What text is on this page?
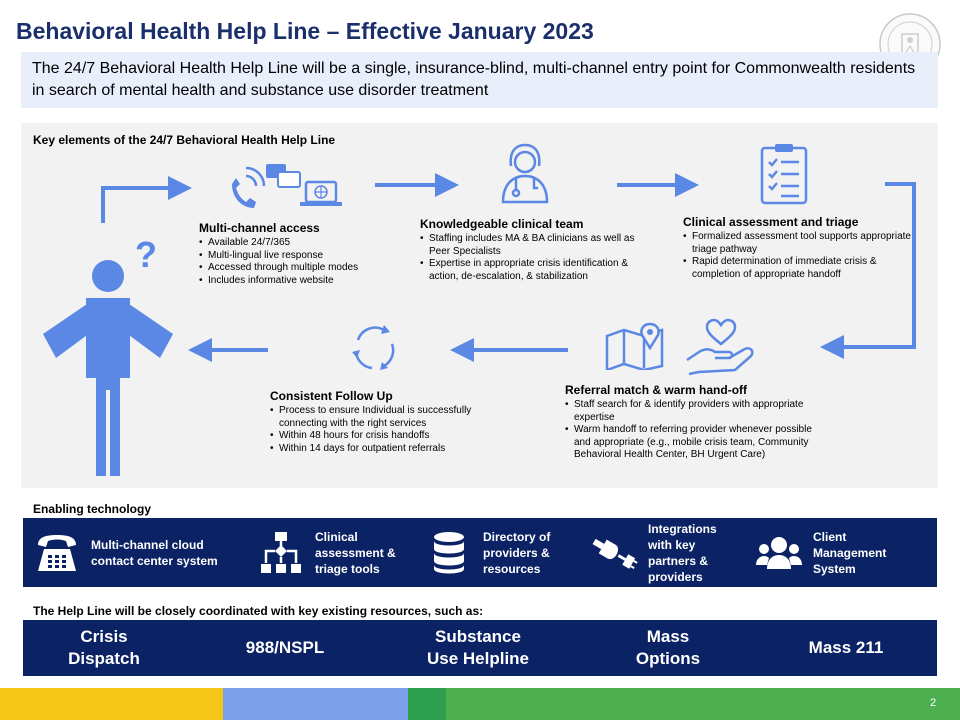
Behavioral Health Help Line – Effective January 2023
The 24/7 Behavioral Health Help Line will be a single, insurance-blind, multi-channel entry point for Commonwealth residents in search of mental health and substance use disorder treatment
Key elements of the 24/7 Behavioral Health Help Line
?
Multi-channel access
• Available 24/7/365
• Multi-lingual live response
• Accessed through multiple modes
• Includes informative website
Knowledgeable clinical team
• Staffing includes MA & BA clinicians as well as Peer Specialists
• Expertise in appropriate crisis identification & action, de-escalation, & stabilization
Clinical assessment and triage
• Formalized assessment tool supports appropriate triage pathway
• Rapid determination of immediate crisis & completion of appropriate handoff
Referral match & warm hand-off
• Staff search for & identify providers with appropriate expertise
• Warm handoff to referring provider whenever possible and appropriate (e.g., mobile crisis team, Community Behavioral Health Center, BH Urgent Care)
Consistent Follow Up
• Process to ensure Individual is successfully connecting with the right services
• Within 48 hours for crisis handoffs
• Within 14 days for outpatient referrals
Enabling technology
Multi-channel cloud contact center system
Clinical assessment & triage tools
Directory of providers & resources
Integrations with key partners & providers
Client Management System
The Help Line will be closely coordinated with key existing resources, such as:
Crisis Dispatch
988/NSPL
Substance Use Helpline
Mass Options
Mass 211
2
